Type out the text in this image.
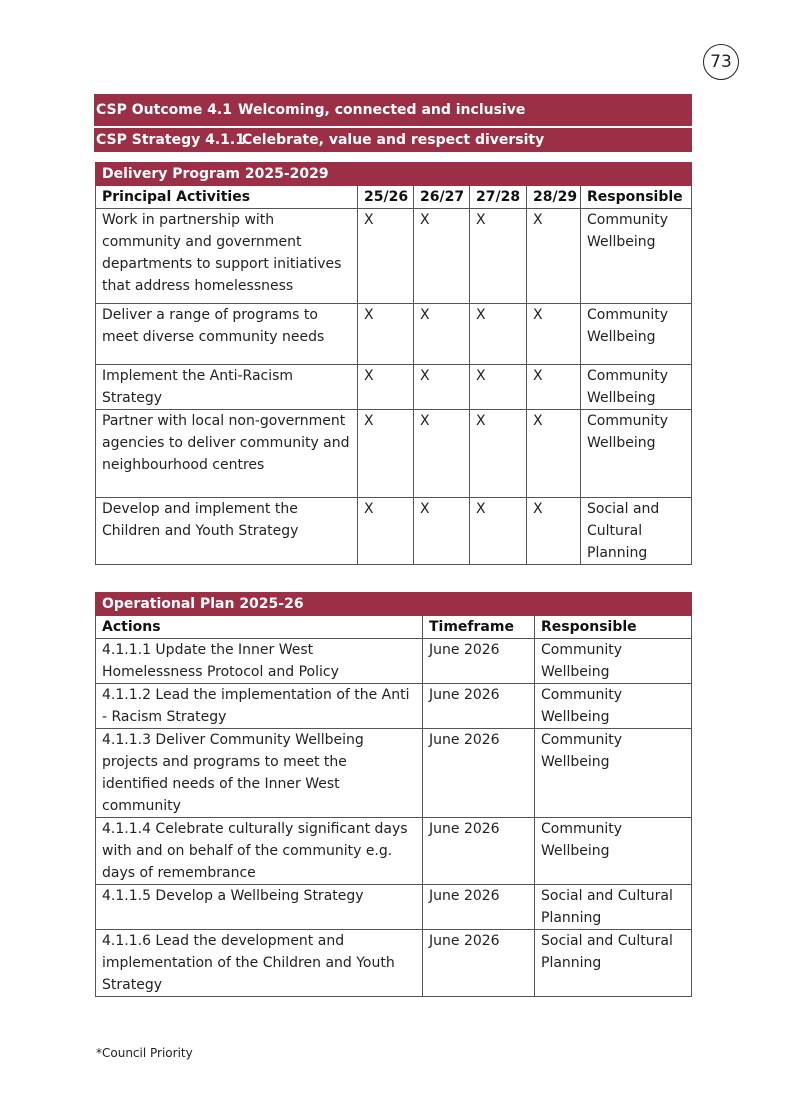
73
CSP Outcome 4.1 Welcoming, connected and inclusive
CSP Strategy 4.1.1
Celebrate, value and respect diversity
Delivery Program 2025-2029					
Principal Activities	25/26	26/27	27/28	28/29	Responsible
Work in partnership with community and government departments to support initiatives that address homelessness	X	X	X	X	Community Wellbeing
Deliver a range of programs to meet diverse community needs	X	X	X	X	Community Wellbeing
Implement the Anti-Racism Strategy	X	X	X	X	Community Wellbeing
Partner with local non-government agencies to deliver community and neighbourhood centres	X	X	X	X	Community Wellbeing
Develop and implement the Children and Youth Strategy	X	X	X	X	Social and Cultural Planning
Operational Plan 2025-26		
Actions	Timeframe	Responsible
4.1.1.1 Update the Inner West Homelessness Protocol and Policy	June 2026	Community Wellbeing
4.1.1.2 Lead the implementation of the Anti - Racism Strategy	June 2026	Community Wellbeing
4.1.1.3 Deliver Community Wellbeing projects and programs to meet the identified needs of the Inner West community	June 2026	Community Wellbeing
4.1.1.4 Celebrate culturally significant days with and on behalf of the community e.g. days of remembrance	June 2026	Community Wellbeing
4.1.1.5 Develop a Wellbeing Strategy	June 2026	Social and Cultural Planning
4.1.1.6 Lead the development and implementation of the Children and Youth Strategy	June 2026	Social and Cultural Planning
*Council Priority
